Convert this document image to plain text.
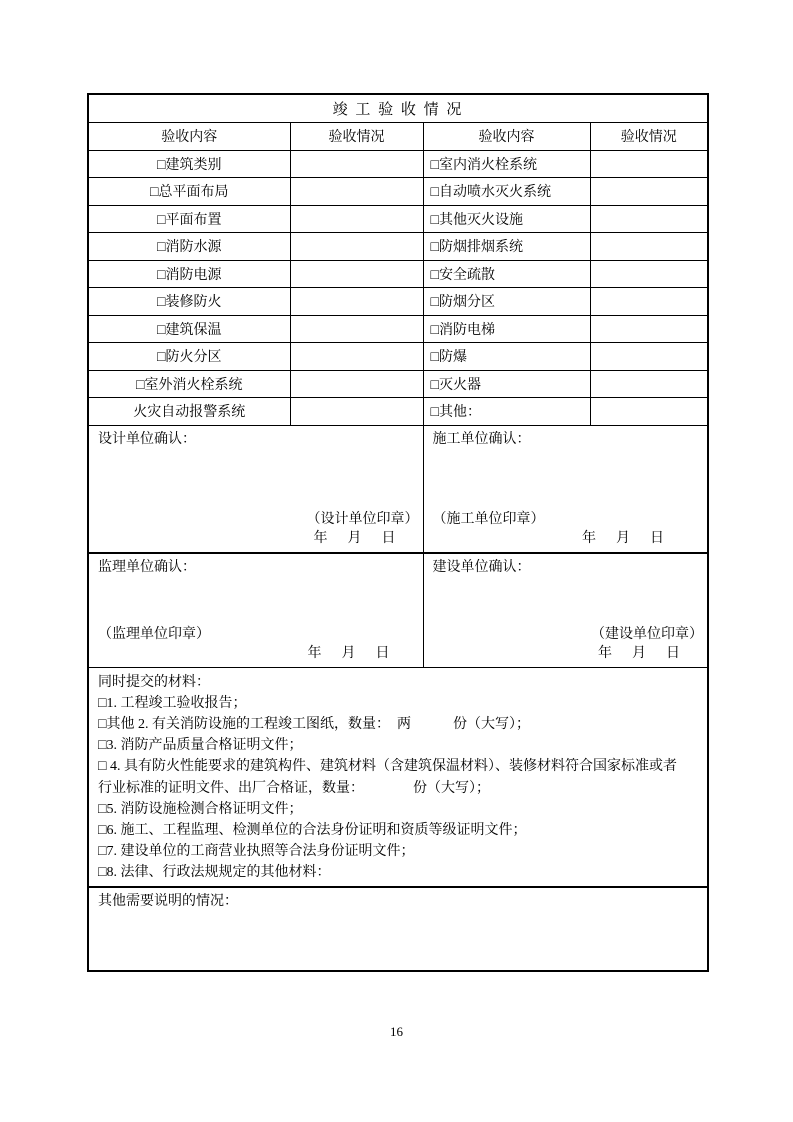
竣 工 验 收 情 况			
验收内容	验收情况	验收内容	验收情况
□建筑类别		□室内消火栓系统	
□总平面布局		□自动喷水灭火系统	
□平面布置		□其他灭火设施	
□消防水源		□防烟排烟系统	
□消防电源		□安全疏散	
□装修防火		□防烟分区	
□建筑保温		□消防电梯	
□防火分区		□防爆	
□室外消火栓系统		□灭火器	
火灾自动报警系统		□其他：	

设计单位确认：
（设计单位印章）
年　月　日

施工单位确认：
（施工单位印章）
年　月　日

监理单位确认：
（监理单位印章）
年　月　日

建设单位确认：
（建设单位印章）
年　月　日

同时提交的材料：
□1. 工程竣工验收报告；
□其他 2. 有关消防设施的工程竣工图纸，数量：　两　　　份（大写）；
□3. 消防产品质量合格证明文件；
□ 4. 具有防火性能要求的建筑构件、建筑材料（含建筑保温材料）、装修材料符合国家标准或者
行业标准的证明文件、出厂合格证，数量：　　　　份（大写）；
□5. 消防设施检测合格证明文件；
□6. 施工、工程监理、检测单位的合法身份证明和资质等级证明文件；
□7. 建设单位的工商营业执照等合法身份证明文件；
□8. 法律、行政法规规定的其他材料：

其他需要说明的情况：			
16
